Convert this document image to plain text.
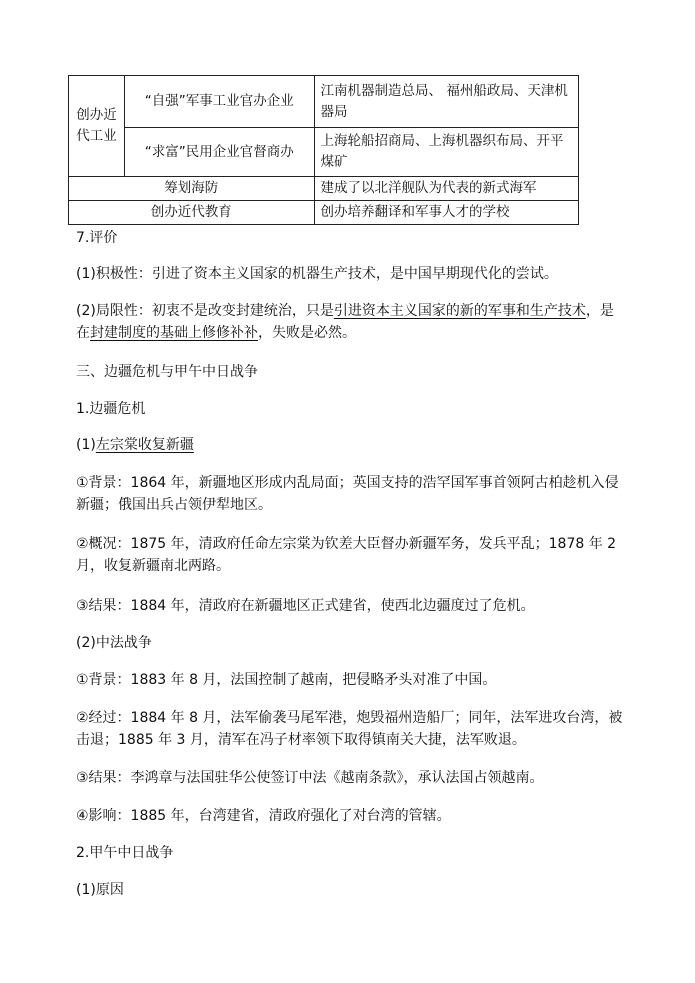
创办近代工业	“自强”军事工业官办企业	江南机器制造总局、 福州船政局、天津机器局
	“求富”民用企业官督商办	上海轮船招商局、上海机器织布局、开平煤矿
筹划海防		建成了以北洋舰队为代表的新式海军
创办近代教育		创办培养翻译和军事人才的学校

7.评价

(1)积极性：引进了资本主义国家的机器生产技术，是中国早期现代化的尝试。

(2)局限性：初衷不是改变封建统治，只是引进资本主义国家的新的军事和生产技术，是在封建制度的基础上修修补补，失败是必然。

三、边疆危机与甲午中日战争

1.边疆危机

(1)左宗棠收复新疆

①背景：1864 年，新疆地区形成内乱局面；英国支持的浩罕国军事首领阿古柏趁机入侵新疆；俄国出兵占领伊犁地区。

②概况：1875 年，清政府任命左宗棠为钦差大臣督办新疆军务，发兵平乱；1878 年 2 月，收复新疆南北两路。

③结果：1884 年，清政府在新疆地区正式建省，使西北边疆度过了危机。

(2)中法战争

①背景：1883 年 8 月，法国控制了越南，把侵略矛头对准了中国。

②经过：1884 年 8 月，法军偷袭马尾军港，炮毁福州造船厂；同年，法军进攻台湾，被击退；1885 年 3 月，清军在冯子材率领下取得镇南关大捷，法军败退。

③结果：李鸿章与法国驻华公使签订中法《越南条款》，承认法国占领越南。

④影响：1885 年，台湾建省，清政府强化了对台湾的管辖。

2.甲午中日战争

(1)原因
